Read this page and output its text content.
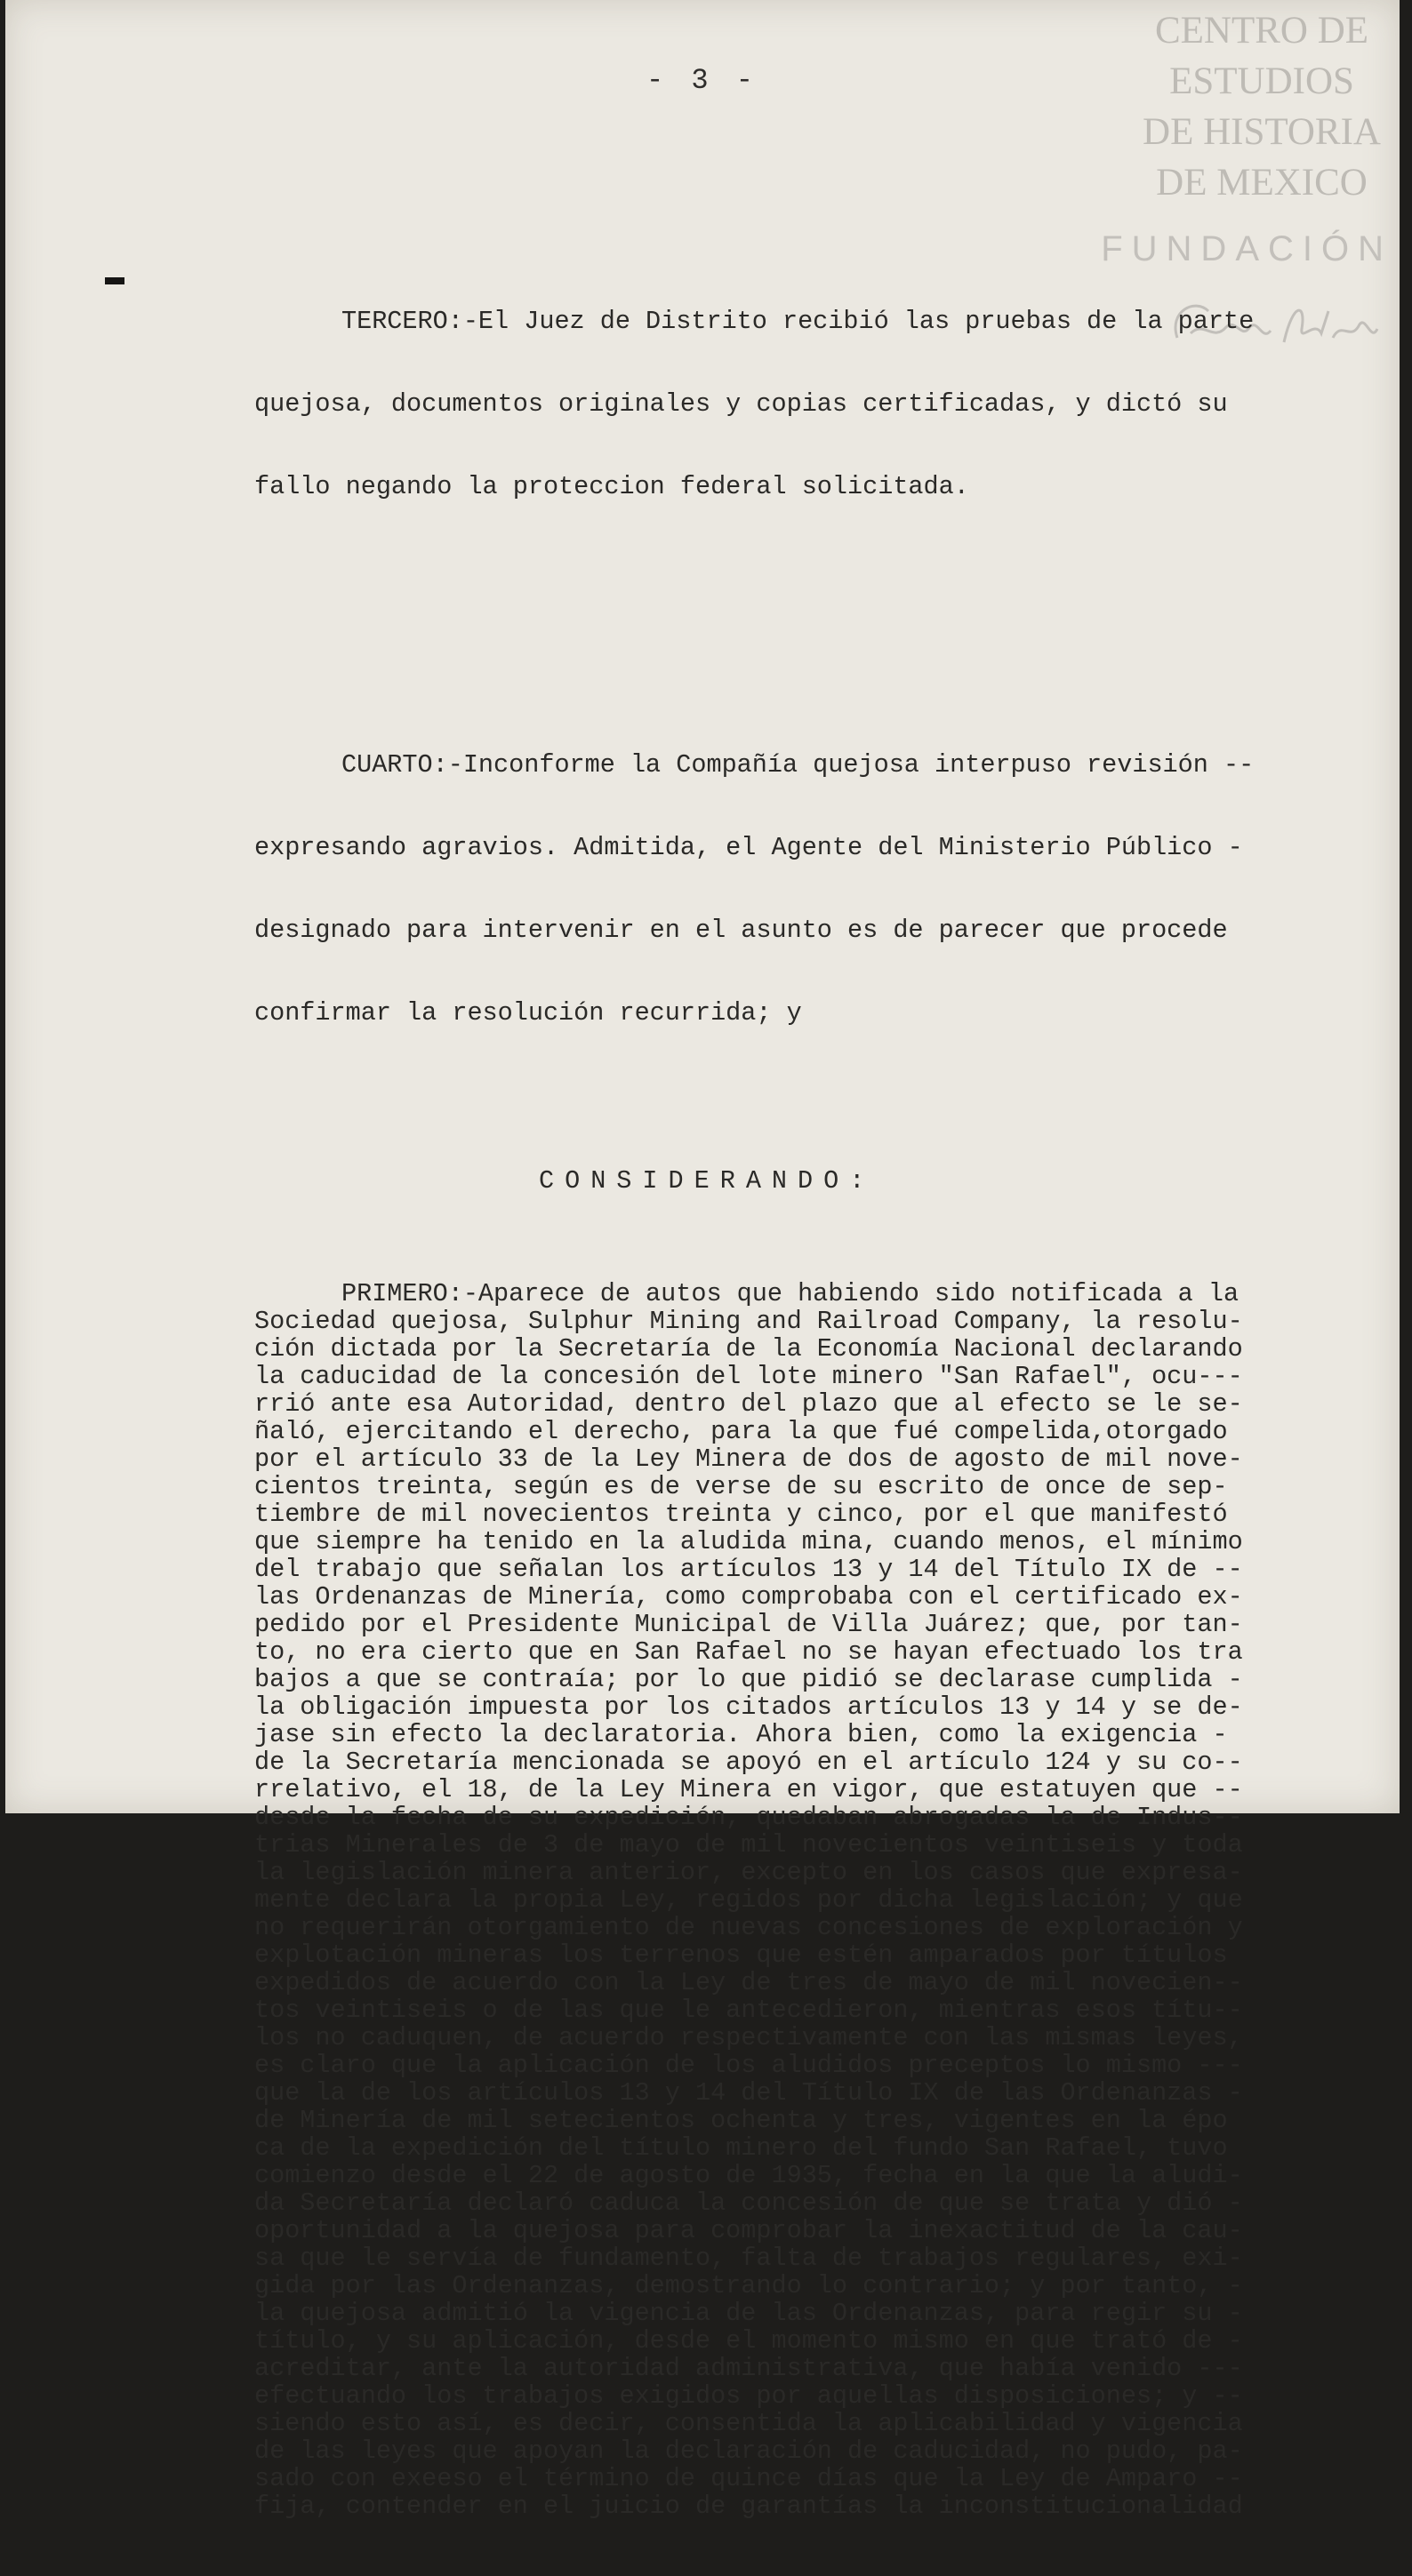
CENTRO DE
ESTUDIOS
DE HISTORIA
DE MEXICO
FUNDACIÓN
- 3 -

TERCERO:-El Juez de Distrito recibió las pruebas de la parte

quejosa, documentos originales y copias certificadas, y dictó su

fallo negando la proteccion federal solicitada.

CUARTO:-Inconforme la Compañía quejosa interpuso revisión --

expresando agravios. Admitida, el Agente del Ministerio Público -

designado para intervenir en el asunto es de parecer que procede

confirmar la resolución recurrida; y

CONSIDERANDO:

PRIMERO:-Aparece de autos que habiendo sido notificada a la
Sociedad quejosa, Sulphur Mining and Railroad Company, la resolu-
ción dictada por la Secretaría de la Economía Nacional declarando
la caducidad de la concesión del lote minero "San Rafael", ocu---
rrió ante esa Autoridad, dentro del plazo que al efecto se le se-
ñaló, ejercitando el derecho, para la que fué compelida,otorgado
por el artículo 33 de la Ley Minera de dos de agosto de mil nove-
cientos treinta, según es de verse de su escrito de once de sep-
tiembre de mil novecientos treinta y cinco, por el que manifestó
que siempre ha tenido en la aludida mina, cuando menos, el mínimo
del trabajo que señalan los artículos 13 y 14 del Título IX de --
las Ordenanzas de Minería, como comprobaba con el certificado ex-
pedido por el Presidente Municipal de Villa Juárez; que, por tan-
to, no era cierto que en San Rafael no se hayan efectuado los tra
bajos a que se contraía; por lo que pidió se declarase cumplida -
la obligación impuesta por los citados artículos 13 y 14 y se de-
jase sin efecto la declaratoria. Ahora bien, como la exigencia -
de la Secretaría mencionada se apoyó en el artículo 124 y su co--
rrelativo, el 18, de la Ley Minera en vigor, que estatuyen que --
desde la fecha de su expedición, quedaban abrogadas la de Indus--
trias Minerales de 3 de mayo de mil novecientos veintiseis y toda
la legislación minera anterior, excepto en los casos que expresa-
mente declara la propia Ley, regidos por dicha legislación; y que
no requerirán otorgamiento de nuevas concesiones de exploración y
explotación mineras los terrenos que estén amparados por títulos
expedidos de acuerdo con la Ley de tres de mayo de mil novecien--
tos veintiseis o de las que le antecedieron, mientras esos títu--
los no caduquen, de acuerdo respectivamente con las mismas leyes,
es claro que la aplicación de los aludidos preceptos lo mismo ---
que la de los artículos 13 y 14 del Título IX de las Ordenanzas -
de Minería de mil setecientos ochenta y tres, vigentes en la épo
ca de la expedición del título minero del fundo San Rafael, tuvo
comienzo desde el 22 de agosto de 1935, fecha en la que la aludi-
da Secretaría declaró caduca la concesión de que se trata y dió -
oportunidad a la quejosa para comprobar la inexactitud de la cau-
sa que le servía de fundamento, falta de trabajos regulares, exi-
gida por las Ordenanzas, demostrando lo contrario; y por tanto, -
la quejosa admitió la vigencia de las Ordenanzas, para regir su -
título, y su aplicación, desde el momento mismo en que trató de -
acreditar, ante la autoridad administrativa, que había venido ---
efectuando los trabajos exigidos por aquellas disposiciones; y --
siendo esto así, es decir, consentida la aplicabilidad y vigencia
de las leyes que apoyan la declaración de caducidad, no pudo, pa-
sado con exeeso el término de quince días que la Ley de Amparo --
fija, contender en el juicio de garantías la inconstitucionalidad
